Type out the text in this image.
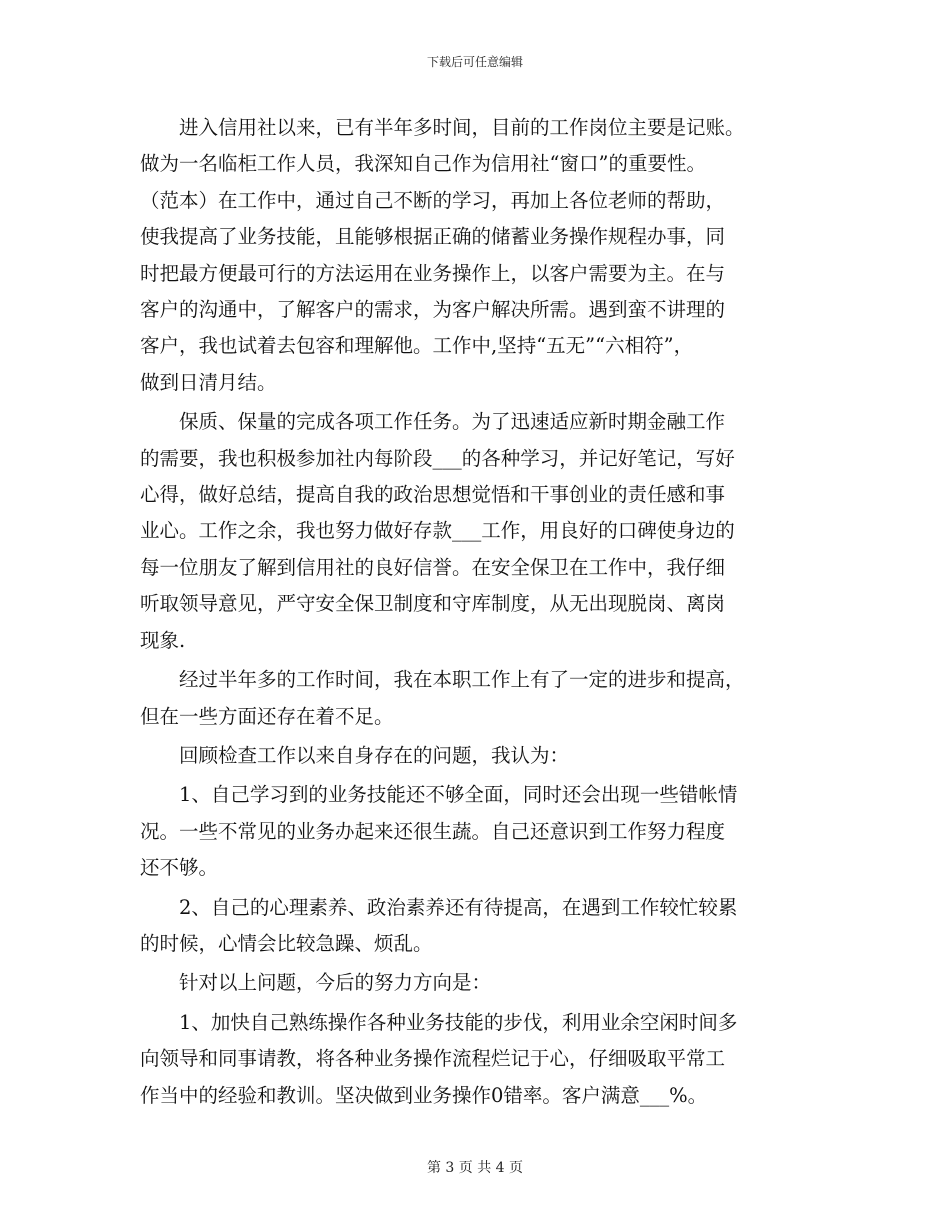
下载后可任意编辑

　　进入信用社以来，已有半年多时间，目前的工作岗位主要是记账。

做为一名临柜工作人员，我深知自己作为信用社“窗口”的重要性。

（范本）在工作中，通过自己不断的学习，再加上各位老师的帮助，

使我提高了业务技能，且能够根据正确的储蓄业务操作规程办事，同

时把最方便最可行的方法运用在业务操作上，以客户需要为主。在与

客户的沟通中，了解客户的需求，为客户解决所需。遇到蛮不讲理的

客户，我也试着去包容和理解他。工作中,坚持“五无”“六相符”，

做到日清月结。

　　保质、保量的完成各项工作任务。为了迅速适应新时期金融工作

的需要，我也积极参加社内每阶段___的各种学习，并记好笔记，写好

心得，做好总结，提高自我的政治思想觉悟和干事创业的责任感和事

业心。工作之余，我也努力做好存款___工作，用良好的口碑使身边的

每一位朋友了解到信用社的良好信誉。在安全保卫在工作中，我仔细

听取领导意见，严守安全保卫制度和守库制度，从无出现脱岗、离岗

现象.

　　经过半年多的工作时间，我在本职工作上有了一定的进步和提高，

但在一些方面还存在着不足。

　　回顾检查工作以来自身存在的问题，我认为：

　　1、自己学习到的业务技能还不够全面，同时还会出现一些错帐情

况。一些不常见的业务办起来还很生蔬。自己还意识到工作努力程度

还不够。

　　2、自己的心理素养、政治素养还有待提高，在遇到工作较忙较累

的时候，心情会比较急躁、烦乱。

　　针对以上问题，今后的努力方向是：

　　1、加快自己熟练操作各种业务技能的步伐，利用业余空闲时间多

向领导和同事请教，将各种业务操作流程烂记于心，仔细吸取平常工

作当中的经验和教训。坚决做到业务操作0错率。客户满意___%。

第 3 页 共 4 页
